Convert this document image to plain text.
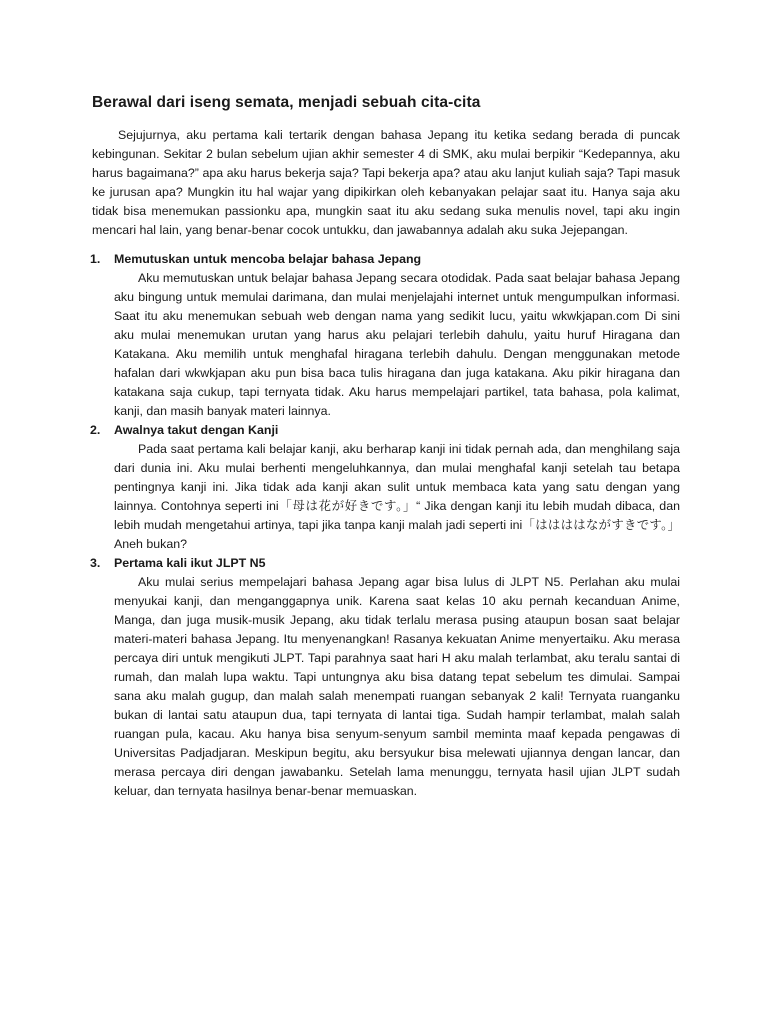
Berawal dari iseng semata, menjadi sebuah cita-cita

Sejujurnya, aku pertama kali tertarik dengan bahasa Jepang itu ketika sedang berada di puncak kebingunan. Sekitar 2 bulan sebelum ujian akhir semester 4 di SMK, aku mulai berpikir “Kedepannya, aku harus bagaimana?” apa aku harus bekerja saja? Tapi bekerja apa? atau aku lanjut kuliah saja? Tapi masuk ke jurusan apa? Mungkin itu hal wajar yang dipikirkan oleh kebanyakan pelajar saat itu. Hanya saja aku tidak bisa menemukan passionku apa, mungkin saat itu aku sedang suka menulis novel, tapi aku ingin mencari hal lain, yang benar-benar cocok untukku, dan jawabannya adalah aku suka Jejepangan.

1.	Memutuskan untuk mencoba belajar bahasa Jepang

Aku memutuskan untuk belajar bahasa Jepang secara otodidak. Pada saat belajar bahasa Jepang aku bingung untuk memulai darimana, dan mulai menjelajahi internet untuk mengumpulkan informasi. Saat itu aku menemukan sebuah web dengan nama yang sedikit lucu, yaitu wkwkjapan.com Di sini aku mulai menemukan urutan yang harus aku pelajari terlebih dahulu, yaitu huruf Hiragana dan Katakana. Aku memilih untuk menghafal hiragana terlebih dahulu. Dengan menggunakan metode hafalan dari wkwkjapan aku pun bisa baca tulis hiragana dan juga katakana. Aku pikir hiragana dan katakana saja cukup, tapi ternyata tidak. Aku harus mempelajari partikel, tata bahasa, pola kalimat, kanji, dan masih banyak materi lainnya.

2.	Awalnya takut dengan Kanji

Pada saat pertama kali belajar kanji, aku berharap kanji ini tidak pernah ada, dan menghilang saja dari dunia ini. Aku mulai berhenti mengeluhkannya, dan mulai menghafal kanji setelah tau betapa pentingnya kanji ini. Jika tidak ada kanji akan sulit untuk membaca kata yang satu dengan yang lainnya. Contohnya seperti ini「母は花が好きです。」“ Jika dengan kanji itu lebih mudah dibaca, dan lebih mudah mengetahui artinya, tapi jika tanpa kanji malah jadi seperti ini「ははははながすきです。」Aneh bukan?

3.	Pertama kali ikut JLPT N5

Aku mulai serius mempelajari bahasa Jepang agar bisa lulus di JLPT N5. Perlahan aku mulai menyukai kanji, dan menganggapnya unik. Karena saat kelas 10 aku pernah kecanduan Anime, Manga, dan juga musik-musik Jepang, aku tidak terlalu merasa pusing ataupun bosan saat belajar materi-materi bahasa Jepang. Itu menyenangkan! Rasanya kekuatan Anime menyertaiku. Aku merasa percaya diri untuk mengikuti JLPT. Tapi parahnya saat hari H aku malah terlambat, aku teralu santai di rumah, dan malah lupa waktu. Tapi untungnya aku bisa datang tepat sebelum tes dimulai. Sampai sana aku malah gugup, dan malah salah menempati ruangan sebanyak 2 kali! Ternyata ruanganku bukan di lantai satu ataupun dua, tapi ternyata di lantai tiga. Sudah hampir terlambat, malah salah ruangan pula, kacau. Aku hanya bisa senyum-senyum sambil meminta maaf kepada pengawas di Universitas Padjadjaran. Meskipun begitu, aku bersyukur bisa melewati ujiannya dengan lancar, dan merasa percaya diri dengan jawabanku. Setelah lama menunggu, ternyata hasil ujian JLPT sudah keluar, dan ternyata hasilnya benar-benar memuaskan.
